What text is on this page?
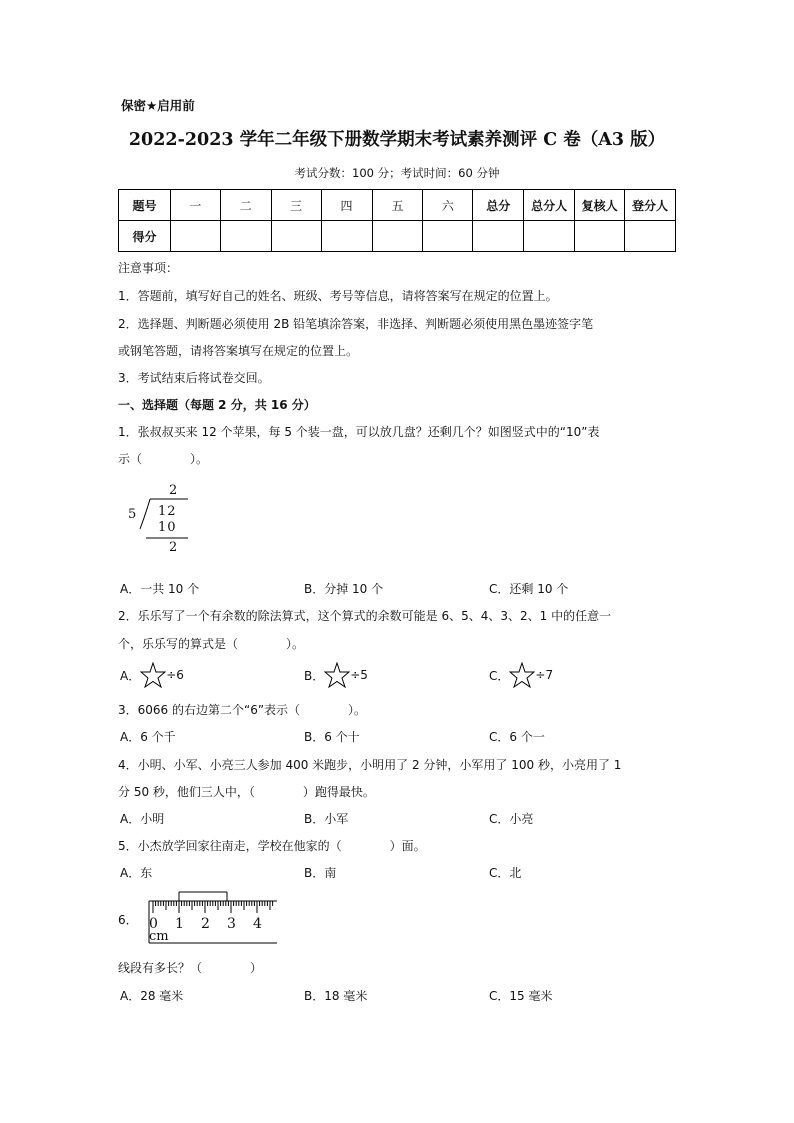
保密★启用前
2022-2023 学年二年级下册数学期末考试素养测评 C 卷（A3 版）
考试分数：100 分；考试时间：60 分钟
题号	一	二	三	四	五	六	总分	总分人	复核人	登分人
得分										
注意事项：
1．答题前，填写好自己的姓名、班级、考号等信息，请将答案写在规定的位置上。
2．选择题、判断题必须使用 2B 铅笔填涂答案，非选择、判断题必须使用黑色墨迹签字笔
或钢笔答题，请将答案填写在规定的位置上。
3．考试结束后将试卷交回。
一、选择题（每题 2 分，共 16 分）
1．张叔叔买来 12 个苹果，每 5 个装一盘，可以放几盘？还剩几个？如图竖式中的“10”表
示（　　　　）。
2
5 12
10
2
A．一共 10 个	B．分掉 10 个	C．还剩 10 个
2．乐乐写了一个有余数的除法算式，这个算式的余数可能是 6、5、4、3、2、1 中的任意一
个，乐乐写的算式是（　　　　）。
A． ÷6	B． ÷5	C． ÷7
3．6066 的右边第二个“6”表示（　　　　）。
A．6 个千	B．6 个十	C．6 个一
4．小明、小军、小亮三人参加 400 米跑步，小明用了 2 分钟，小军用了 100 秒，小亮用了 1
分 50 秒，他们三人中，（　　　　）跑得最快。
A．小明	B．小军	C．小亮
5．小杰放学回家往南走，学校在他家的（　　　　）面。
A．东	B．南	C．北
6． 0 1 2 3 4
cm
线段有多长？（　　　　）
A．28 毫米	B．18 毫米	C．15 毫米
